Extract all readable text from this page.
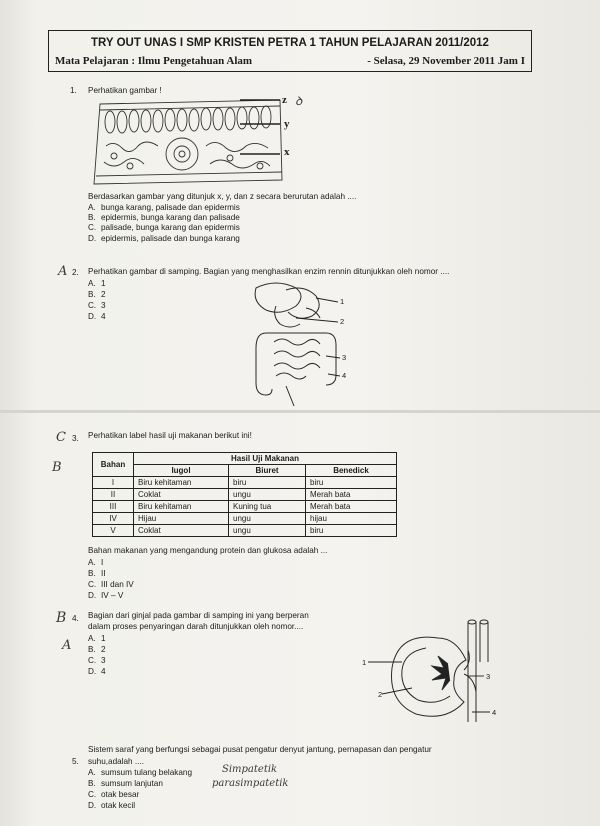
TRY OUT UNAS I SMP KRISTEN PETRA 1 TAHUN PELAJARAN 2011/2012
Mata Pelajaran : Ilmu Pengetahuan Alam	- Selasa, 29 November 2011 Jam I
1. Perhatikan gambar !
z ꝺ
y
x
Berdasarkan gambar yang ditunjuk x, y, dan z secara berurutan adalah ....
A. bunga karang, palisade dan epidermis
B. epidermis, bunga karang dan palisade
C. palisade, bunga karang dan epidermis
D. epidermis, palisade dan bunga karang
A 2. Perhatikan gambar di samping. Bagian yang menghasilkan enzim rennin ditunjukkan oleh nomor ....
A. 1
B. 2
C. 3
D. 4
1
2
3
4
C 3. Perhatikan label hasil uji makanan berikut ini!
B	Bahan	Hasil Uji Makanan		
	Iugol	Biuret	Benedick
I	Biru kehitaman	biru	biru
II	Coklat	ungu	Merah bata
III	Biru kehitaman	Kuning tua	Merah bata
IV	Hijau	ungu	hijau
V	Coklat	ungu	biru
Bahan makanan yang mengandung protein dan glukosa adalah ...
A. I
B. II
C. III dan IV
D. IV – V
B 4. Bagian dari ginjal pada gambar di samping ini yang berperan
dalam proses penyaringan darah ditunjukkan oleh nomor....
A A. 1
B. 2
C. 3
D. 4
1
2
3
4
5.
Sistem saraf yang berfungsi sebagai pusat pengatur denyut jantung, pernapasan dan pengatur
suhu,adalah ....
A. sumsum tulang belakang
B. sumsum lanjutan
C. otak besar
D. otak kecil
Simpatetik
parasimpatetik
